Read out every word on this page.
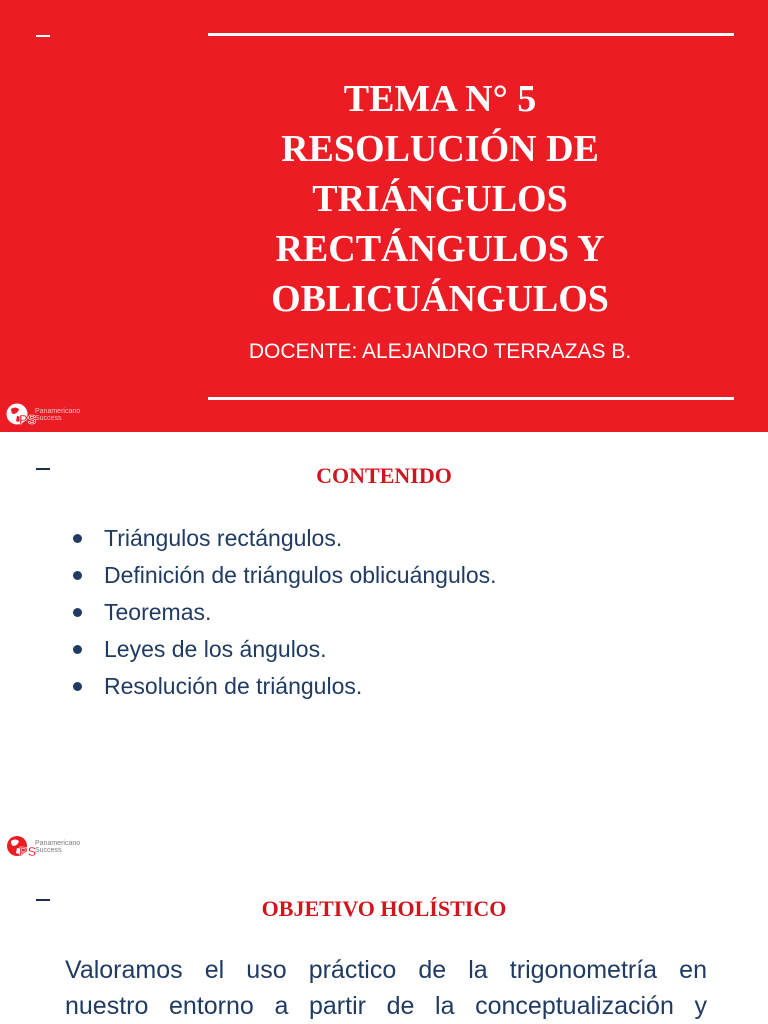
TEMA N° 5
RESOLUCIÓN DE
TRIÁNGULOS
RECTÁNGULOS Y
OBLICUÁNGULOS
DOCENTE: ALEJANDRO TERRAZAS B.
PS
Panamericano
Success
CONTENIDO
Triángulos rectángulos.
Definición de triángulos oblicuángulos.
Teoremas.
Leyes de los ángulos.
Resolución de triángulos.
PS
Panamericano
Success
OBJETIVO HOLÍSTICO

Valoramos el uso práctico de la trigonometría en
nuestro entorno a partir de la conceptualización y
